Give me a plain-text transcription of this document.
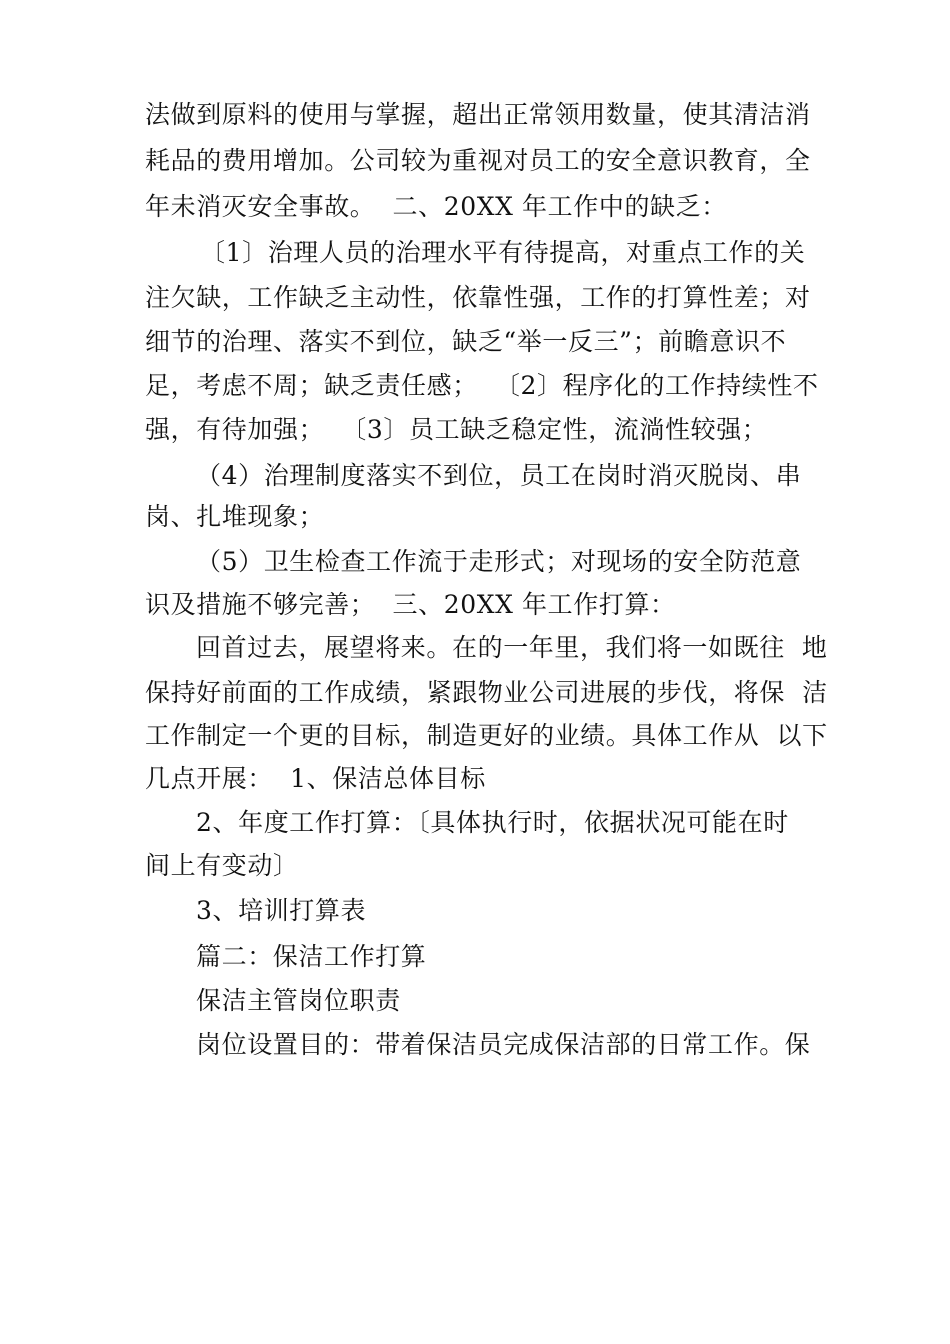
法做到原料的使用与掌握，超出正常领用数量，使其清洁消
耗品的费用增加。公司较为重视对员工的安全意识教育，全
年未消灭安全事故。  二、20XX 年工作中的缺乏：
〔1〕治理人员的治理水平有待提高，对重点工作的关
注欠缺，工作缺乏主动性，依靠性强，工作的打算性差；对
细节的治理、落实不到位，缺乏“举一反三”；前瞻意识不
足，考虑不周；缺乏责任感；  〔2〕程序化的工作持续性不
强，有待加强；  〔3〕员工缺乏稳定性，流淌性较强；
（4）治理制度落实不到位，员工在岗时消灭脱岗、串
岗、扎堆现象；
（5）卫生检查工作流于走形式；对现场的安全防范意
识及措施不够完善；  三、20XX 年工作打算：
回首过去，展望将来。在的一年里，我们将一如既往  地
保持好前面的工作成绩，紧跟物业公司进展的步伐，将保  洁
工作制定一个更的目标，制造更好的业绩。具体工作从  以下
几点开展：  1、保洁总体目标
2、年度工作打算：〔具体执行时，依据状况可能在时
间上有变动〕
3、培训打算表
篇二：保洁工作打算
保洁主管岗位职责
岗位设置目的：带着保洁员完成保洁部的日常工作。保
